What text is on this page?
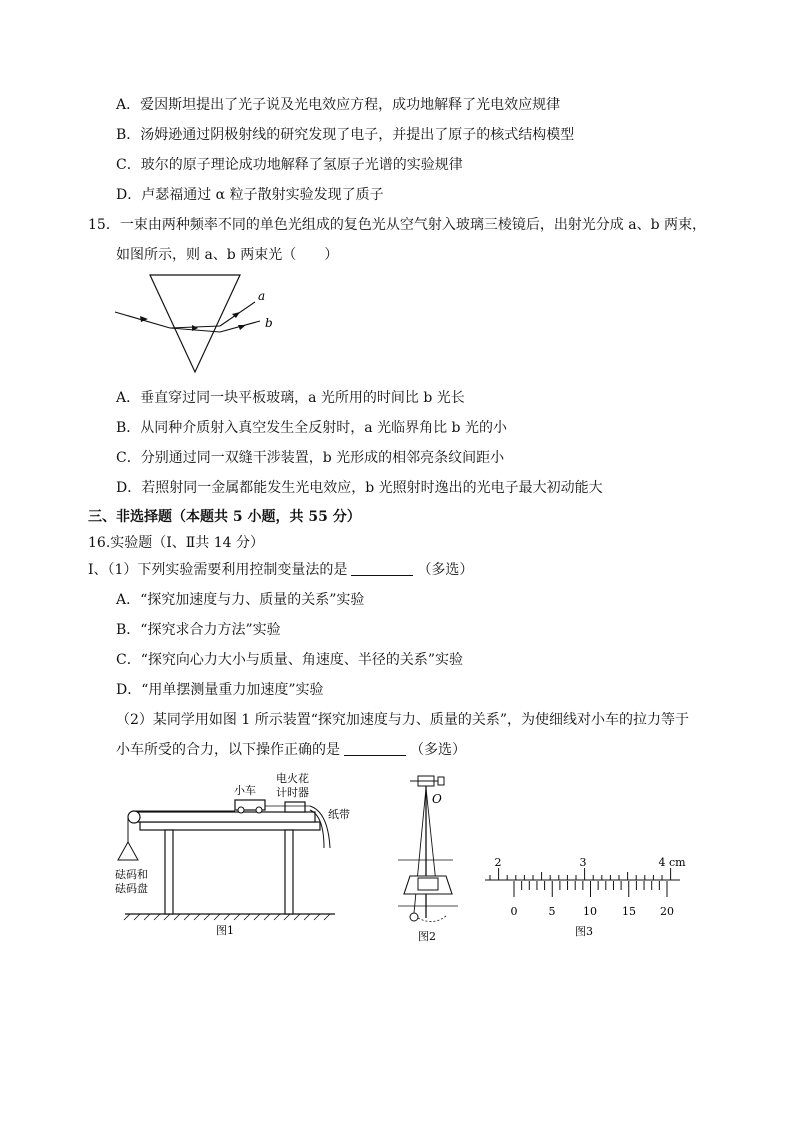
A．爱因斯坦提出了光子说及光电效应方程，成功地解释了光电效应规律
B．汤姆逊通过阴极射线的研究发现了电子，并提出了原子的核式结构模型
C．玻尔的原子理论成功地解释了氢原子光谱的实验规律
D．卢瑟福通过 α 粒子散射实验发现了质子
15．一束由两种频率不同的单色光组成的复色光从空气射入玻璃三棱镜后，出射光分成 a、b 两束，
如图所示，则 a、b 两束光（　　）
a
b
A．垂直穿过同一块平板玻璃，a 光所用的时间比 b 光长
B．从同种介质射入真空发生全反射时，a 光临界角比 b 光的小
C．分别通过同一双缝干涉装置，b 光形成的相邻亮条纹间距小
D．若照射同一金属都能发生光电效应，b 光照射时逸出的光电子最大初动能大
三、非选择题（本题共 5 小题，共 55 分）
16.实验题（Ⅰ、Ⅱ共 14 分）
Ⅰ、（1）下列实验需要利用控制变量法的是	（多选）
A．“探究加速度与力、质量的关系”实验
B．“探究求合力方法”实验
C．“探究向心力大小与质量、角速度、半径的关系”实验
D．“用单摆测量重力加速度”实验
（2）某同学用如图 1 所示装置“探究加速度与力、质量的关系”，为使细线对小车的拉力等于
小车所受的合力，以下操作正确的是	（多选）
小车
电火花
计时器
纸带
砝码和
砝码盘
图1
O
图2
2	3	4 cm
0	5	10 15 20
图3
